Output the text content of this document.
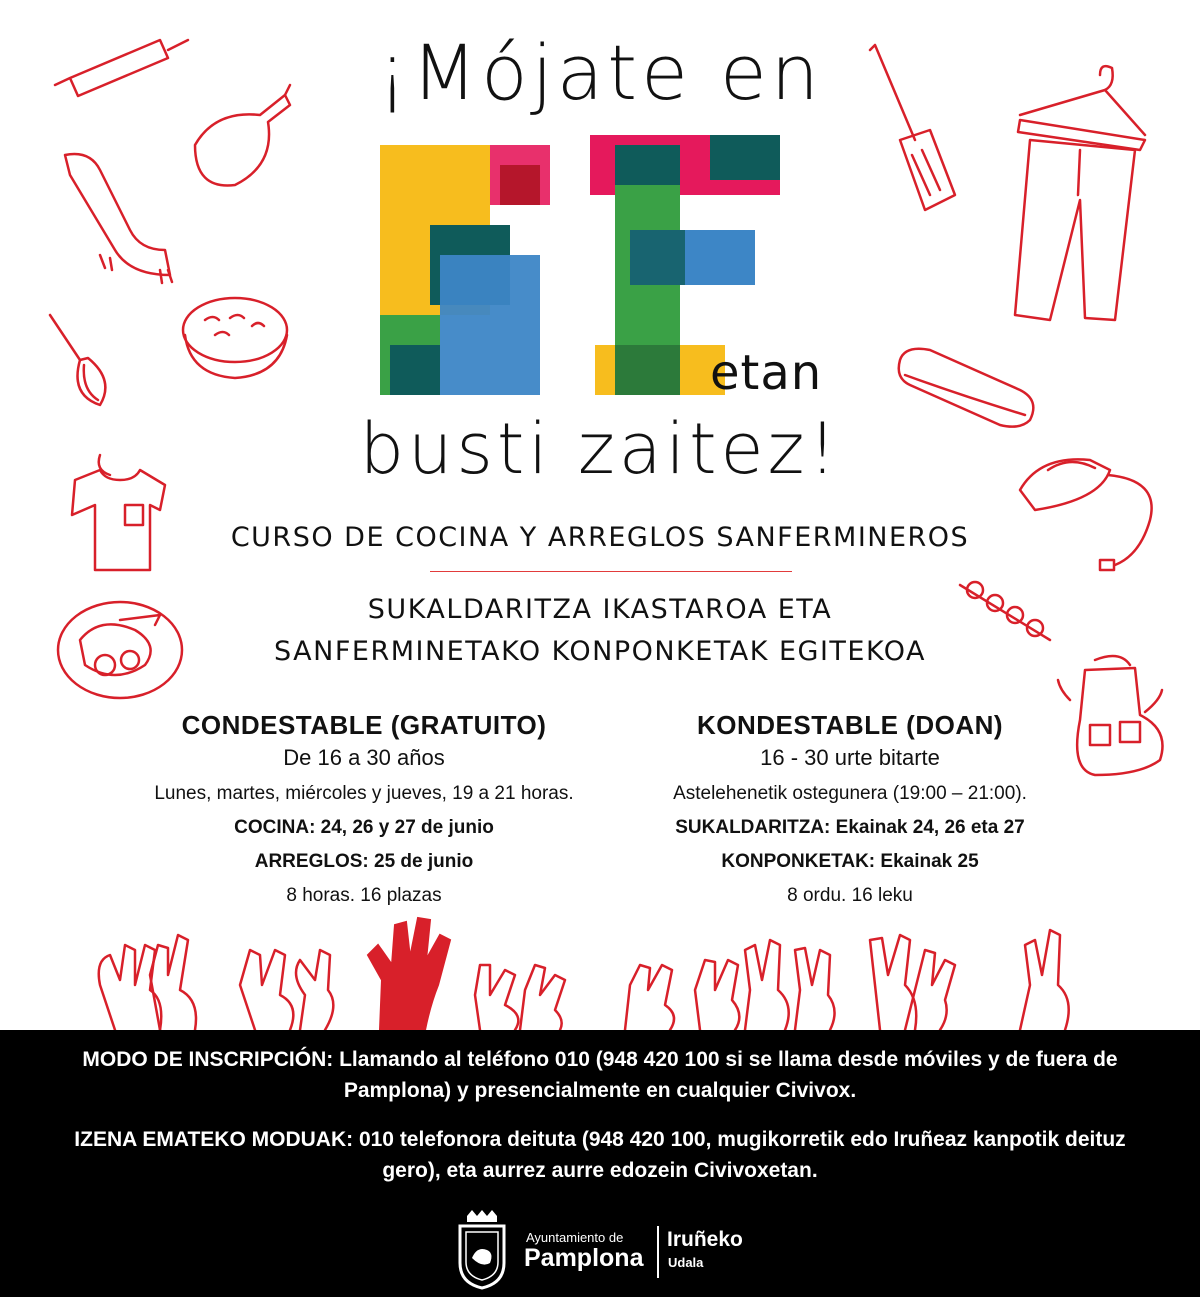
¡Mójate en
etan
busti zaitez!
CURSO DE COCINA Y ARREGLOS SANFERMINEROS
SUKALDARITZA IKASTAROA ETA
SANFERMINETAKO KONPONKETAK EGITEKOA
CONDESTABLE (GRATUITO)
De 16 a 30 años
Lunes, martes, miércoles y jueves, 19 a 21 horas.
COCINA: 24, 26 y 27 de junio
ARREGLOS: 25 de junio
8 horas. 16 plazas
KONDESTABLE (DOAN)
16 - 30 urte bitarte
Astelehenetik ostegunera (19:00 – 21:00).
SUKALDARITZA: Ekainak 24, 26 eta 27
KONPONKETAK: Ekainak 25
8 ordu. 16 leku
MODO DE INSCRIPCIÓN: Llamando al teléfono 010 (948 420 100 si se llama desde móviles y de fuera de Pamplona) y presencialmente en cualquier Civivox.
IZENA EMATEKO MODUAK: 010 telefonora deituta (948 420 100, mugikorretik edo Iruñeaz kanpotik deituz gero), eta aurrez aurre edozein Civivoxetan.
Ayuntamiento de
Pamplona
Iruñeko
Udala
